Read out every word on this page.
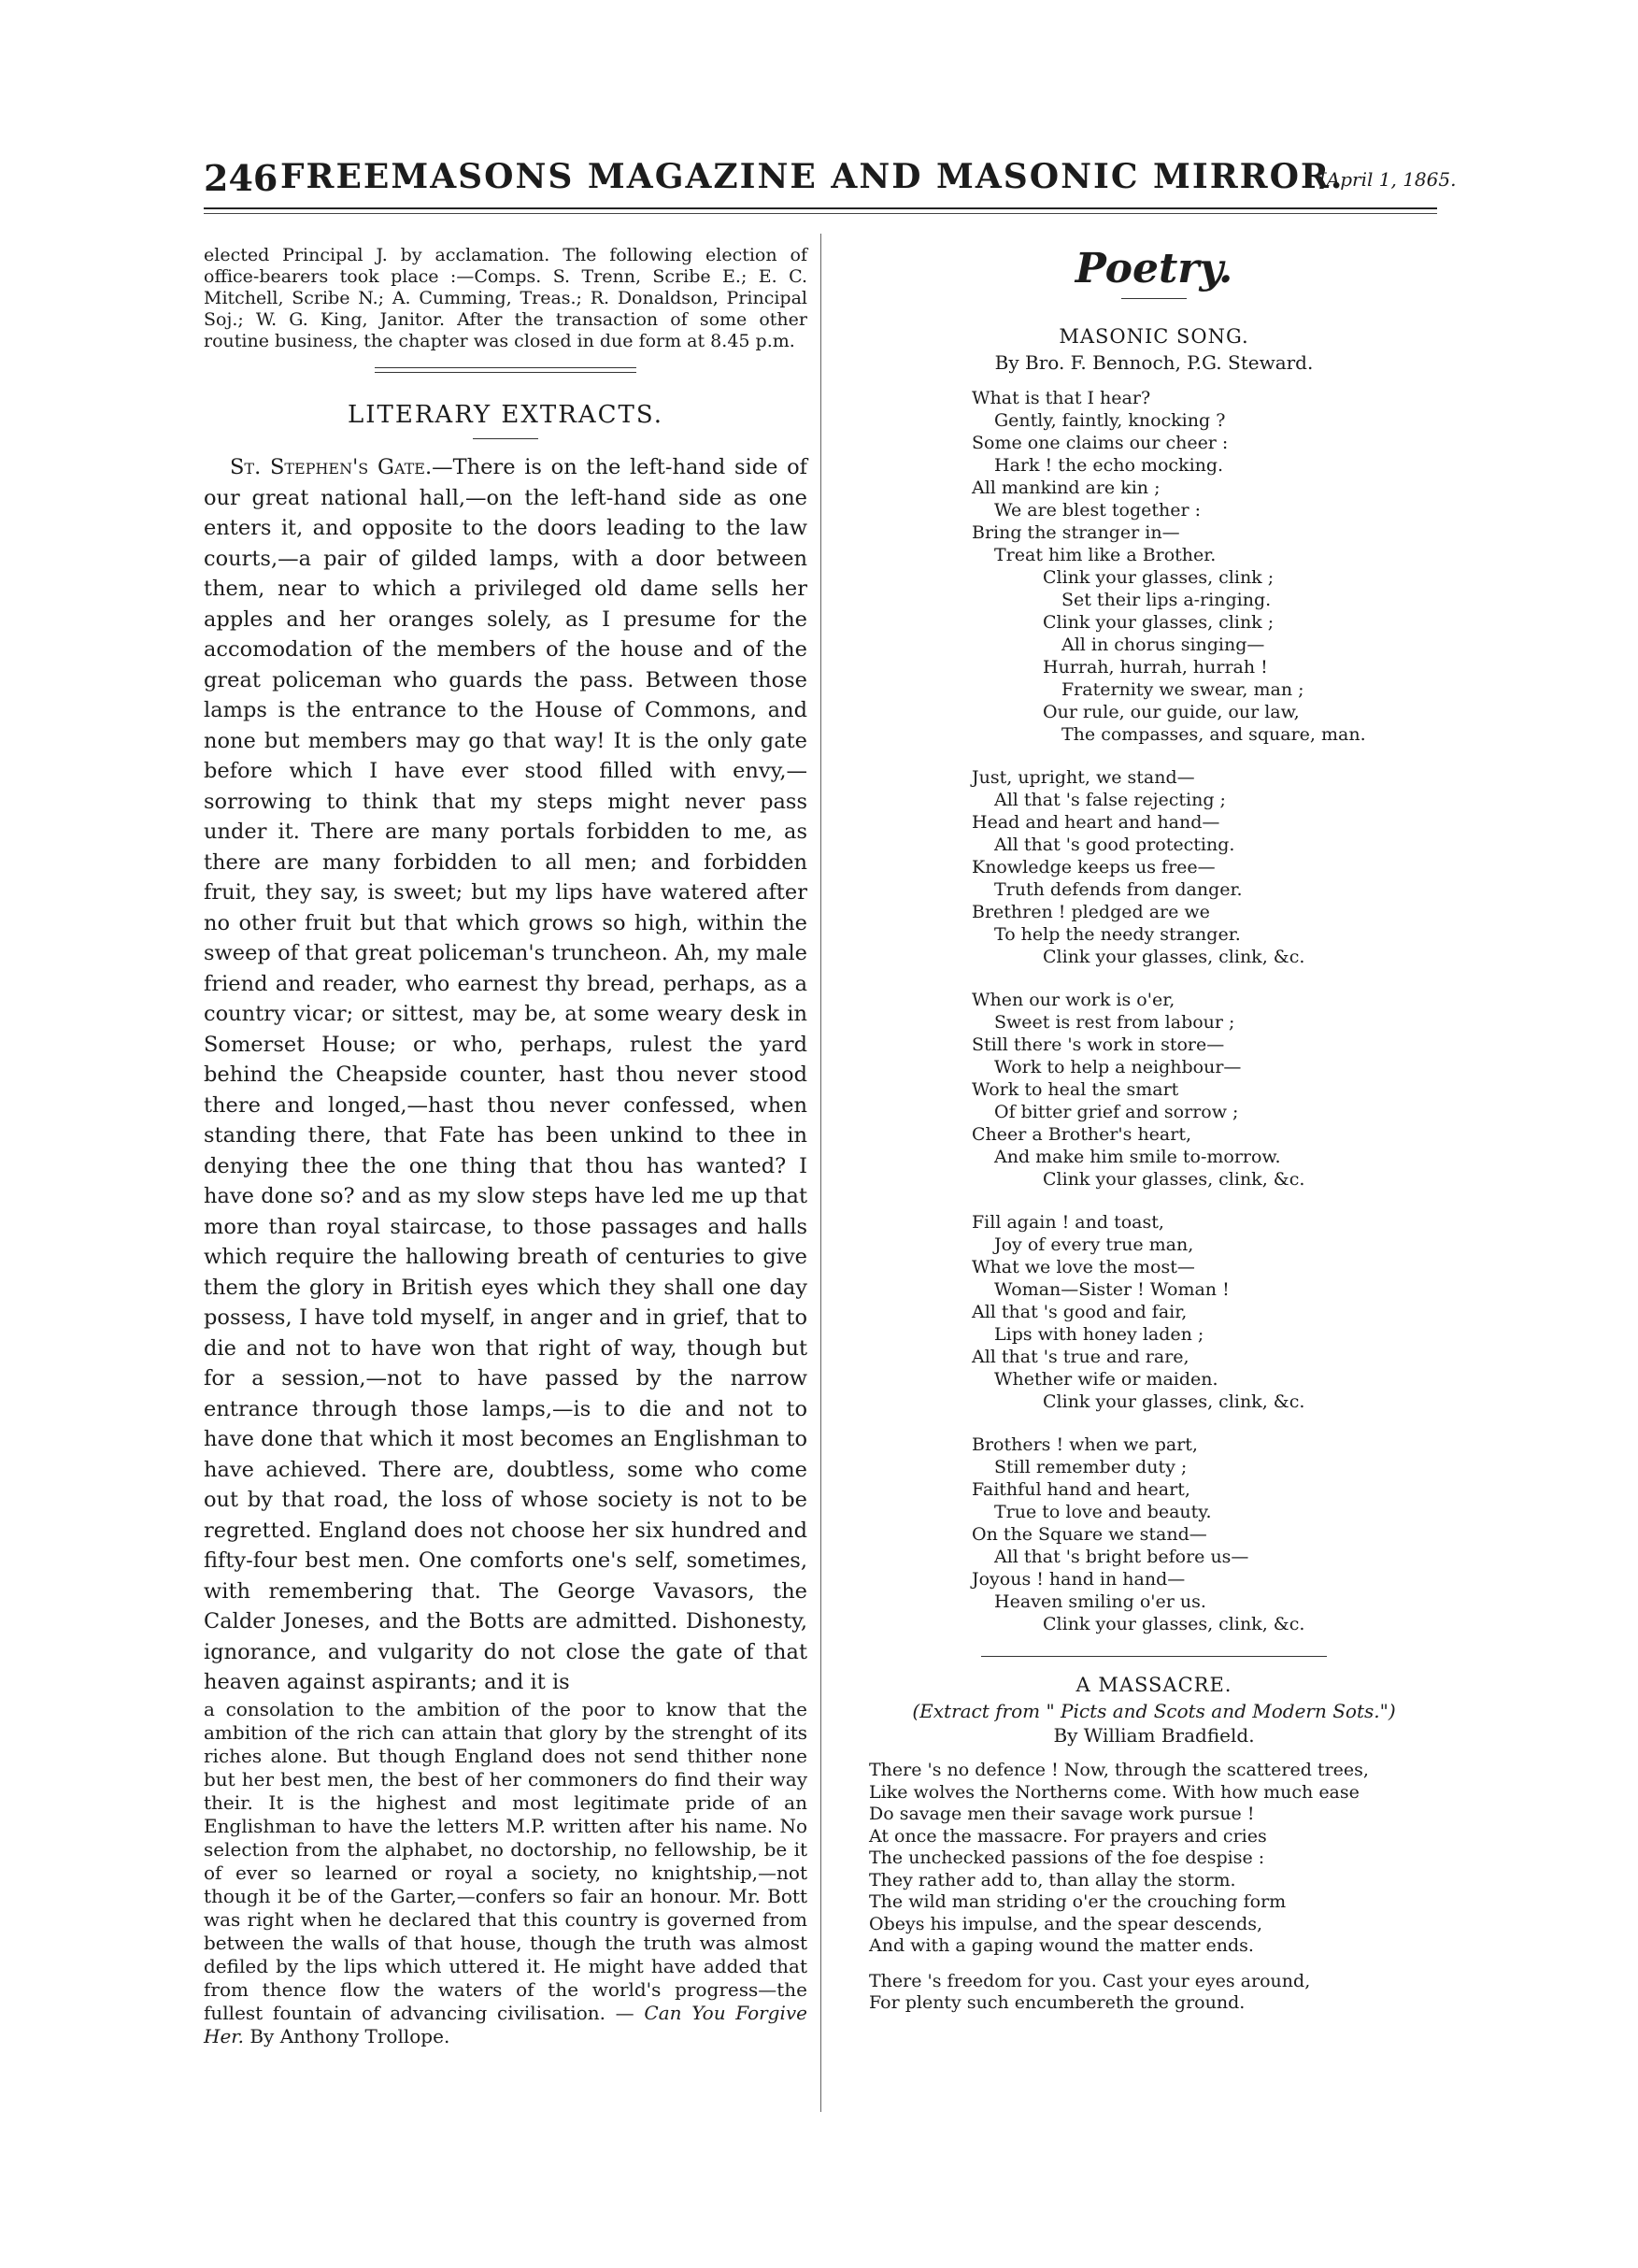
246 FREEMASONS MAGAZINE AND MASONIC MIRROR.
[April 1, 1865.

elected Principal J. by acclamation. The following election of office-bearers took place :—Comps. S. Trenn, Scribe E.; E. C. Mitchell, Scribe N.; A. Cumming, Treas.; R. Donaldson, Principal Soj.; W. G. King, Janitor. After the transaction of some other routine business, the chapter was closed in due form at 8.45 p.m.

LITERARY EXTRACTS.

St. Stephen's Gate.—There is on the left-hand side of our great national hall,—on the left-hand side as one enters it, and opposite to the doors leading to the law courts,—a pair of gilded lamps, with a door between them, near to which a privileged old dame sells her apples and her oranges solely, as I presume for the accomodation of the members of the house and of the great policeman who guards the pass. Between those lamps is the entrance to the House of Commons, and none but members may go that way! It is the only gate before which I have ever stood filled with envy,—sorrowing to think that my steps might never pass under it. There are many portals forbidden to me, as there are many forbidden to all men; and forbidden fruit, they say, is sweet; but my lips have watered after no other fruit but that which grows so high, within the sweep of that great policeman's truncheon. Ah, my male friend and reader, who earnest thy bread, perhaps, as a country vicar; or sittest, may be, at some weary desk in Somerset House; or who, perhaps, rulest the yard behind the Cheapside counter, hast thou never stood there and longed,—hast thou never confessed, when standing there, that Fate has been unkind to thee in denying thee the one thing that thou has wanted? I have done so? and as my slow steps have led me up that more than royal staircase, to those passages and halls which require the hallowing breath of centuries to give them the glory in British eyes which they shall one day possess, I have told myself, in anger and in grief, that to die and not to have won that right of way, though but for a session,—not to have passed by the narrow entrance through those lamps,—is to die and not to have done that which it most becomes an Englishman to have achieved. There are, doubtless, some who come out by that road, the loss of whose society is not to be regretted. England does not choose her six hundred and fifty-four best men. One comforts one's self, sometimes, with remembering that. The George Vavasors, the Calder Joneses, and the Botts are admitted. Dishonesty, ignorance, and vulgarity do not close the gate of that heaven against aspirants; and it is

a consolation to the ambition of the poor to know that the ambition of the rich can attain that glory by the strenght of its riches alone. But though England does not send thither none but her best men, the best of her commoners do find their way their. It is the highest and most legitimate pride of an Englishman to have the letters M.P. written after his name. No selection from the alphabet, no doctorship, no fellowship, be it of ever so learned or royal a society, no knightship,—not though it be of the Garter,—confers so fair an honour. Mr. Bott was right when he declared that this country is governed from between the walls of that house, though the truth was almost defiled by the lips which uttered it. He might have added that from thence flow the waters of the world's progress—the fullest fountain of advancing civilisation. — Can You Forgive Her. By Anthony Trollope.

Poetry.
MASONIC SONG.
By Bro. F. Bennoch, P.G. Steward.
What is that I hear?
Gently, faintly, knocking ?
Some one claims our cheer :
Hark ! the echo mocking.
All mankind are kin ;
We are blest together :
Bring the stranger in—
Treat him like a Brother.
Clink your glasses, clink ;
Set their lips a-ringing.
Clink your glasses, clink ;
All in chorus singing—
Hurrah, hurrah, hurrah !
Fraternity we swear, man ;
Our rule, our guide, our law,
The compasses, and square, man.
Just, upright, we stand—
All that 's false rejecting ;
Head and heart and hand—
All that 's good protecting.
Knowledge keeps us free—
Truth defends from danger.
Brethren ! pledged are we
To help the needy stranger.
Clink your glasses, clink, &c.
When our work is o'er,
Sweet is rest from labour ;
Still there 's work in store—
Work to help a neighbour—
Work to heal the smart
Of bitter grief and sorrow ;
Cheer a Brother's heart,
And make him smile to-morrow.
Clink your glasses, clink, &c.
Fill again ! and toast,
Joy of every true man,
What we love the most—
Woman—Sister ! Woman !
All that 's good and fair,
Lips with honey laden ;
All that 's true and rare,
Whether wife or maiden.
Clink your glasses, clink, &c.
Brothers ! when we part,
Still remember duty ;
Faithful hand and heart,
True to love and beauty.
On the Square we stand—
All that 's bright before us—
Joyous ! hand in hand—
Heaven smiling o'er us.
Clink your glasses, clink, &c.
A MASSACRE.
(Extract from " Picts and Scots and Modern Sots.")
By William Bradfield.
There 's no defence ! Now, through the scattered trees,
Like wolves the Northerns come. With how much ease
Do savage men their savage work pursue !
At once the massacre. For prayers and cries
The unchecked passions of the foe despise :
They rather add to, than allay the storm.
The wild man striding o'er the crouching form
Obeys his impulse, and the spear descends,
And with a gaping wound the matter ends.
There 's freedom for you. Cast your eyes around,
For plenty such encumbereth the ground.
